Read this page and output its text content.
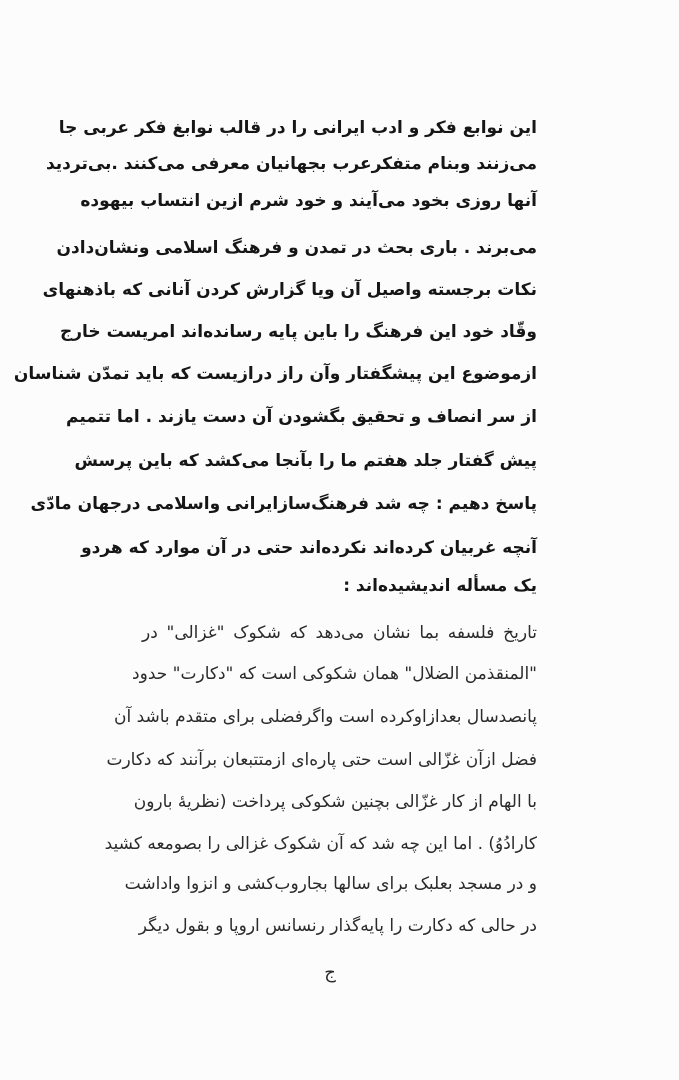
این نوابع فکر و ادب ایرانی را در قالب نوابغ فکر عربی جا
می‌زنند وبنام متفکرعرب بجهانیان معرفی می‌کنند .بی‌تردید
آنها روزی بخود می‌آیند و خود شرم ازین انتساب بیهوده
می‌برند . باری بحث در تمدن و فرهنگ اسلامی ونشان‌دادن
نکات برجسته واصیل آن ویا گزارش کردن آنانی که باذهنهای
وقّاد خود این فرهنگ را باین پایه رسانده‌اند امریست خارج
ازموضوع این پیشگفتار وآن راز درازیست که باید تمدّن شناسان
از سر انصاف و تحقیق بگشودن آن دست یازند . اما تتمیم
پیش گفتار جلد هفتم ما را بآنجا می‌کشد که باین پرسش
پاسخ دهیم : چه شد فرهنگ‌سازایرانی واسلامی درجهان مادّی
آنچه غربیان کرده‌اند نکرده‌اند حتی در آن موارد که هردو
یک مسأله اندیشیده‌اند :
تاریخ فلسفه بما نشان می‌دهد که شکوک "غزالی" در
"المنقذمن الضلال" همان شکوکی است که "دکارت" حدود
پانصدسال بعدازاوکرده است واگرفضلی برای متقدم باشد آن
فضل ازآن غزّالی است حتی پاره‌ای ازمتتبعان برآنند که دکارت
با الهام از کار غزّالی بچنین شکوکی پرداخت (نظریهٔ بارون
کارادُوُ) . اما این چه شد که آن شکوک غزالی را بصومعه کشید
و در مسجد بعلبک برای سالها بجاروب‌کشی و انزوا واداشت
در حالی که دکارت را پایه‌گذار رنسانس اروپا و بقول دیگر
ج
